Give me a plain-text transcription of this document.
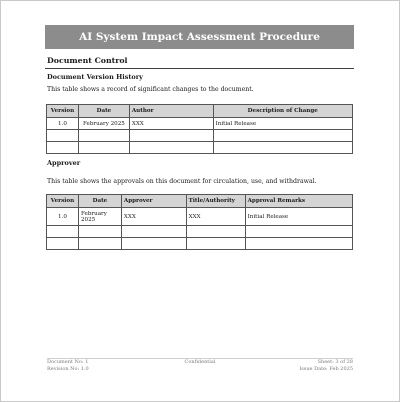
AI System Impact Assessment Procedure
Document Control
Document Version History
This table shows a record of significant changes to the document.
Version	Date	Author	Description of Change
1.0	February 2025	XXX	Initial Release

Approver
This table shows the approvals on this document for circulation, use, and withdrawal.
Version	Date	Approver	Title/Authority	Approval Remarks
1.0	February 2025	XXX	XXX	Initial Release

Document No: 1	Confidential	Sheet: 3 of 28
Revision No: 1.0	Issue Date: Feb 2025
